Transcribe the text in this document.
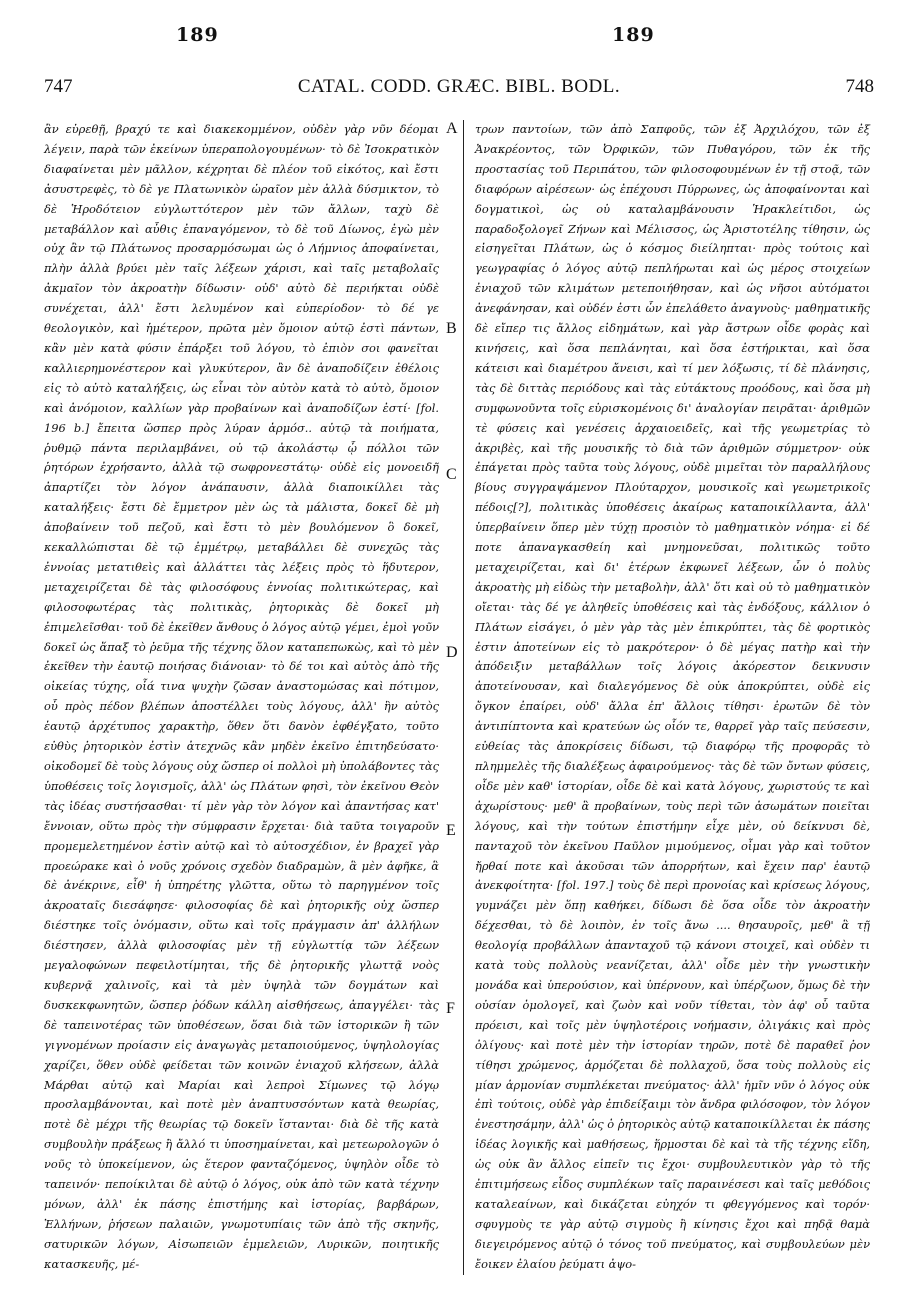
189	189
747	CATAL. CODD. GRÆC. BIBL. BODL.	748

ἂν εὑρεθῇ, βραχύ τε καὶ διακεκομμένον, οὐδὲν γὰρ νῦν δέομαι λέγειν, παρὰ τῶν ἐκείνων ὑπεραπολογουμένων· τὸ δὲ Ἰσοκρατικὸν διαφαίνεται μὲν μᾶλλον, κέχρηται δὲ πλέον τοῦ εἰκότος, καὶ ἔστι ἀσυστρεφὲς, τὸ δὲ γε Πλατωνικὸν ὡραῖον μὲν ἀλλὰ δύσμικτον, τὸ δὲ Ἡροδότειον εὐγλωττότερον μὲν τῶν ἄλλων, ταχὺ δὲ μεταβάλλον καὶ αὖθις ἐπαναγόμενον, τὸ δὲ τοῦ Δίωνος, ἐγὼ μὲν οὐχ ἂν τῷ Πλάτωνος προσαρμόσωμαι ὡς ὁ Λήμνιος ἀποφαίνεται, πλὴν ἀλλὰ βρύει μὲν ταῖς λέξεων χάρισι, καὶ ταῖς μεταβολαῖς ἀκμαῖον τὸν ἀκροατὴν δίδωσιν· οὐδ' αὐτὸ δὲ περιήκται οὐδὲ συνέχεται, ἀλλ' ἔστι λελυμένον καὶ εὐπερίοδον· τὸ δέ γε θεολογικὸν, καὶ ἡμέτερον, πρῶτα μὲν ὅμοιον αὐτῷ ἐστὶ πάντων, κἂν μὲν κατὰ φύσιν ἐπάρξει τοῦ λόγου, τὸ ἐπιὸν σοι φανεῖται καλλιερημονέστερον καὶ γλυκύτερον, ἂν δὲ ἀναποδίζειν ἐθέλοις εἰς τὸ αὐτὸ καταλήξεις, ὡς εἶναι τὸν αὐτὸν κατὰ τὸ αὐτὸ, ὅμοιον καὶ ἀνόμοιον, καλλίων γὰρ προβαίνων καὶ ἀναποδίζων ἐστί· [fol. 196 b.] ἔπειτα ὥσπερ πρὸς λύραν ἁρμόσ.. αὐτῷ τὰ ποιήματα, ῥυθμῷ πάντα περιλαμβάνει, οὐ τῷ ἀκολάστῳ ᾧ πόλλοι τῶν ῥητόρων ἐχρήσαντο, ἀλλὰ τῷ σωφρονεστάτῳ· οὐδὲ εἰς μονοειδῆ ἀπαρτίζει τὸν λόγον ἀνάπαυσιν, ἀλλὰ διαποικίλλει τὰς καταλήξεις· ἔστι δὲ ἔμμετρον μὲν ὡς τὰ μάλιστα, δοκεῖ δὲ μὴ ἀποβαίνειν τοῦ πεζοῦ, καὶ ἔστι τὸ μὲν βουλόμενον ὃ δοκεῖ, κεκαλλώπισται δὲ τῷ ἐμμέτρῳ, μεταβάλλει δὲ συνεχῶς τὰς ἐννοίας μετατιθεὶς καὶ ἀλλάττει τὰς λέξεις πρὸς τὸ ἥδυτερον, μεταχειρίζεται δὲ τὰς φιλοσόφους ἐννοίας πολιτικώτερας, καὶ φιλοσοφωτέρας τὰς πολιτικὰς, ῥητορικὰς δὲ δοκεῖ μὴ ἐπιμελεῖσθαι· τοῦ δὲ ἐκεῖθεν ἄνθους ὁ λόγος αὐτῷ γέμει, ἐμοὶ γοῦν δοκεῖ ὡς ἅπαξ τὸ ῥεῦμα τῆς τέχνης ὅλον καταπεπωκὼς, καὶ τὸ μὲν ἐκεῖθεν τὴν ἑαυτῷ ποιήσας διάνοιαν· τὸ δέ τοι καὶ αὐτὸς ἀπὸ τῆς οἰκείας τύχης, οἷά τινα ψυχὴν ζῶσαν ἀναστομώσας καὶ πότιμον, οὗ πρὸς πέδον βλέπων ἀποστέλλει τοὺς λόγους, ἀλλ' ἣν αὐτὸς ἑαυτῷ ἀρχέτυπος χαρακτὴρ, ὅθεν ὅτι δανὸν ἐφθέγξατο, τοῦτο εὐθὺς ῥητορικὸν ἐστὶν ἀτεχνῶς κἂν μηδὲν ἐκεῖνο ἐπιτηδεύσατο· οἰκοδομεῖ δὲ τοὺς λόγους οὐχ ὥσπερ οἱ πολλοὶ μὴ ὑπολάβοντες τὰς ὑποθέσεις τοῖς λογισμοῖς, ἀλλ' ὡς Πλάτων φησὶ, τὸν ἐκεῖνου Θεὸν τὰς ἰδέας συστήσασθαι· τί μὲν γὰρ τὸν λόγον καὶ ἀπαντήσας κατ' ἔννοιαν, οὕτω πρὸς τὴν σύμφρασιν ἔρχεται· διὰ ταῦτα τοιγαροῦν προμεμελετημένον ἐστὶν αὐτῷ καὶ τὸ αὐτοσχέδιον, ἐν βραχεῖ γὰρ προεώρακε καὶ ὁ νοῦς χρόνοις σχεδὸν διαδραμὼν, ἃ μὲν ἀφῆκε, ἃ δὲ ἀνέκρινε, εἶθ' ἡ ὑπηρέτης γλῶττα, οὕτω τὸ παρηγμένον τοῖς ἀκροαταῖς διεσάφησε· φιλοσοφίας δὲ καὶ ῥητορικῆς οὐχ ὥσπερ διέστηκε τοῖς ὀνόμασιν, οὕτω καὶ τοῖς πράγμασιν ἀπ' ἀλλήλων διέστησεν, ἀλλὰ φιλοσοφίας μὲν τῇ εὐγλωττίᾳ τῶν λέξεων μεγαλοφώνων πεφειλοτίμηται, τῆς δὲ ῥητορικῆς γλωττᾷ νοὸς κυβερνᾷ χαλινοῖς, καὶ τὰ μὲν ὑψηλὰ τῶν δογμάτων καὶ δυσκεκφωνητῶν, ὥσπερ ῥόδων κάλλη αἰσθήσεως, ἀπαγγέλει· τὰς δὲ ταπεινοτέρας τῶν ὑποθέσεων, ὅσαι διὰ τῶν ἱστορικῶν ἢ τῶν γιγνομένων προίασιν εἰς ἀναγωγὰς μεταποιούμενος, ὑψηλολογίας χαρίζει, ὅθεν οὐδὲ φείδεται τῶν κοινῶν ἐνιαχοῦ κλήσεων, ἀλλὰ Μάρθαι αὐτῷ καὶ Μαρίαι καὶ λεπροὶ Σίμωνες τῷ λόγῳ προσλαμβάνονται, καὶ ποτὲ μὲν ἀναπτυσσόντων κατὰ θεωρίας, ποτὲ δὲ μέχρι τῆς θεωρίας τῷ δοκεῖν ἵστανται· διὰ δὲ τῆς κατὰ συμβουλὴν πράξεως ἢ ἄλλό τι ὑποσημαίνεται, καὶ μετεωρολογῶν ὁ νοῦς τὸ ὑποκείμενον, ὡς ἕτερον φανταζόμενος, ὑψηλὸν οἶδε τὸ ταπεινόν· πεποίκιλται δὲ αὐτῷ ὁ λόγος, οὐκ ἀπὸ τῶν κατὰ τέχνην μόνων, ἀλλ' ἐκ πάσης ἐπιστήμης καὶ ἱστορίας, βαρβάρων, Ἑλλήνων, ῥήσεων παλαιῶν, γνωμοτυπίαις τῶν ἀπὸ τῆς σκηνῆς, σατυρικῶν λόγων, Αἰσωπειῶν ἐμμελειῶν, Λυρικῶν, ποιητικῆς κατασκευῆς, μέ-

A
B
C
D
E
F

τρων παντοίων, τῶν ἀπὸ Σαπφοῦς, τῶν ἐξ Ἀρχιλόχου, τῶν ἐξ Ἀνακρέοντος, τῶν Ὀρφικῶν, τῶν Πυθαγόρου, τῶν ἐκ τῆς προστασίας τοῦ Περιπάτου, τῶν φιλοσοφουμένων ἐν τῇ στοᾷ, τῶν διαφόρων αἱρέσεων· ὡς ἐπέχουσι Πύρρωνες, ὡς ἀποφαίνονται καὶ δογματικοὶ, ὡς οὐ καταλαμβάνουσιν Ἡρακλείτιδοι, ὡς παραδοξολογεῖ Ζήνων καὶ Μέλισσος, ὡς Ἀριστοτέλης τίθησιν, ὡς εἰσηγεῖται Πλάτων, ὡς ὁ κόσμος διείληπται· πρὸς τούτοις καὶ γεωγραφίας ὁ λόγος αὐτῷ πεπλήρωται καὶ ὡς μέρος στοιχείων ἐνιαχοῦ τῶν κλιμάτων μετεποιήθησαν, καὶ ὡς νῆσοι αὐτόματοι ἀνεφάνησαν, καὶ οὐδέν ἐστι ὧν ἐπελάθετο ἀναγνοὺς· μαθηματικῆς δὲ εἴπερ τις ἄλλος εἰδημάτων, καὶ γὰρ ἄστρων οἶδε φορὰς καὶ κινήσεις, καὶ ὅσα πεπλάνηται, καὶ ὅσα ἐστήρικται, καὶ ὅσα κάτεισι καὶ διαμέτρου ἄνεισι, καὶ τί μεν λόξωσις, τί δὲ πλάνησις, τὰς δὲ διττὰς περιόδους καὶ τὰς εὐτάκτους προόδους, καὶ ὅσα μὴ συμφωνοῦντα τοῖς εὑρισκομένοις δι' ἀναλογίαν πειρᾶται· ἀριθμῶν τὲ φύσεις καὶ γενέσεις ἀρχαιοειδεῖς, καὶ τῆς γεωμετρίας τὸ ἀκριβὲς, καὶ τῆς μουσικῆς τὸ διὰ τῶν ἀριθμῶν σύμμετρον· οὐκ ἐπάγεται πρὸς ταῦτα τοὺς λόγους, οὐδὲ μιμεῖται τὸν παραλλήλους βίους συγγραψάμενον Πλούταρχον, μουσικοῖς καὶ γεωμετρικοῖς πέδοις[?], πολιτικὰς ὑποθέσεις ἀκαίρως καταποικίλλαντα, ἀλλ' ὑπερβαίνειν ὅπερ μὲν τύχῃ προσιὸν τὸ μαθηματικὸν νόημα· εἰ δέ ποτε ἀπαναγκασθείη καὶ μνημονεῦσαι, πολιτικῶς τοῦτο μεταχειρίζεται, καὶ δι' ἑτέρων ἐκφωνεῖ λέξεων, ὧν ὁ πολὺς ἀκροατὴς μὴ εἰδὼς τὴν μεταβολὴν, ἀλλ' ὅτι καὶ οὐ τὸ μαθηματικὸν οἴεται· τὰς δέ γε ἀληθεῖς ὑποθέσεις καὶ τὰς ἐνδόξους, κάλλιον ὁ Πλάτων εἰσάγει, ὁ μὲν γὰρ τὰς μὲν ἐπικρύπτει, τὰς δὲ φορτικὸς ἐστιν ἀποτείνων εἰς τὸ μακρότερον· ὁ δὲ μέγας πατὴρ καὶ τὴν ἀπόδειξιν μεταβάλλων τοῖς λόγοις ἀκόρεστον δεικνυσιν ἀποτείνουσαν, καὶ διαλεγόμενος δὲ οὐκ ἀποκρύπτει, οὐδὲ εἰς ὄγκον ἐπαίρει, οὐδ' ἄλλα ἐπ' ἄλλοις τίθησι· ἐρωτῶν δὲ τὸν ἀντιπίπτοντα καὶ κρατεύων ὡς οἷόν τε, θαρρεῖ γὰρ ταῖς πεύσεσιν, εὐθείας τὰς ἀποκρίσεις δίδωσι, τῷ διαφόρῳ τῆς προφορᾶς τὸ πλημμελὲς τῆς διαλέξεως ἀφαιρούμενος· τὰς δὲ τῶν ὄντων φύσεις, οἶδε μὲν καθ' ἱστορίαν, οἶδε δὲ καὶ κατὰ λόγους, χωριστούς τε καὶ ἀχωρίστους· μεθ' ἃ προβαίνων, τοὺς περὶ τῶν ἀσωμάτων ποιεῖται λόγους, καὶ τὴν τούτων ἐπιστήμην εἶχε μὲν, οὐ δείκνυσι δὲ, πανταχοῦ τὸν ἐκεῖνου Παῦλον μιμούμενος, οἶμαι γὰρ καὶ τοῦτον ἤρθαί ποτε καὶ ἀκοῦσαι τῶν ἀπορρήτων, καὶ ἔχειν παρ' ἑαυτῷ ἀνεκφοίτητα· [fol. 197.] τοὺς δὲ περὶ προνοίας καὶ κρίσεως λόγους, γυμνάζει μὲν ὅπῃ καθήκει, δίδωσι δὲ ὅσα οἶδε τὸν ἀκροατὴν δέχεσθαι, τὸ δὲ λοιπὸν, ἐν τοῖς ἄνω .... θησαυροῖς, μεθ' ἃ τῇ θεολογίᾳ προβάλλων ἀπανταχοῦ τῷ κάνονι στοιχεῖ, καὶ οὐδὲν τι κατὰ τοὺς πολλοὺς νεανίζεται, ἀλλ' οἶδε μὲν τὴν γνωστικὴν μονάδα καὶ ὑπερούσιον, καὶ ὑπέρνουν, καὶ ὑπέρζωον, ὅμως δὲ τὴν οὐσίαν ὁμολογεῖ, καὶ ζωὸν καὶ νοῦν τίθεται, τὸν ἀφ' οὗ ταῦτα πρόεισι, καὶ τοῖς μὲν ὑψηλοτέροις νοήμασιν, ὀλιγάκις καὶ πρὸς ὀλίγους· καὶ ποτὲ μὲν τὴν ἱστορίαν τηρῶν, ποτὲ δὲ παραθεῖ ῥον τίθησι χρώμενος, ἁρμόζεται δὲ πολλαχοῦ, ὅσα τοὺς πολλοὺς εἰς μίαν ἁρμονίαν συμπλέκεται πνεύματος· ἀλλ' ἡμῖν νῦν ὁ λόγος οὐκ ἐπὶ τούτοις, οὐδὲ γὰρ ἐπιδείξαιμι τὸν ἄνδρα φιλόσοφον, τὸν λόγον ἐνεστησάμην, ἀλλ' ὡς ὁ ῥητορικὸς αὐτῷ καταποικίλλεται ἐκ πάσης ἰδέας λογικῆς καὶ μαθήσεως, ἥρμοσται δὲ καὶ τὰ τῆς τέχνης εἴδη, ὡς οὐκ ἂν ἄλλος εἰπεῖν τις ἔχοι· συμβουλευτικὸν γὰρ τὸ τῆς ἐπιτιμήσεως εἶδος συμπλέκων ταῖς παραινέσεσι καὶ ταῖς μεθόδοις καταλεαίνων, καὶ δικάζεται εὐηχόν τι φθεγγόμενος καὶ τορόν· σφυγμοὺς τε γὰρ αὐτῷ σιγμοὺς ἢ κίνησις ἔχοι καὶ πηδᾷ θαμὰ διεγειρόμενος αὐτῷ ὁ τόνος τοῦ πνεύματος, καὶ συμβουλεύων μὲν ἔοικεν ἐλαίου ῥεύματι ἀψο-
